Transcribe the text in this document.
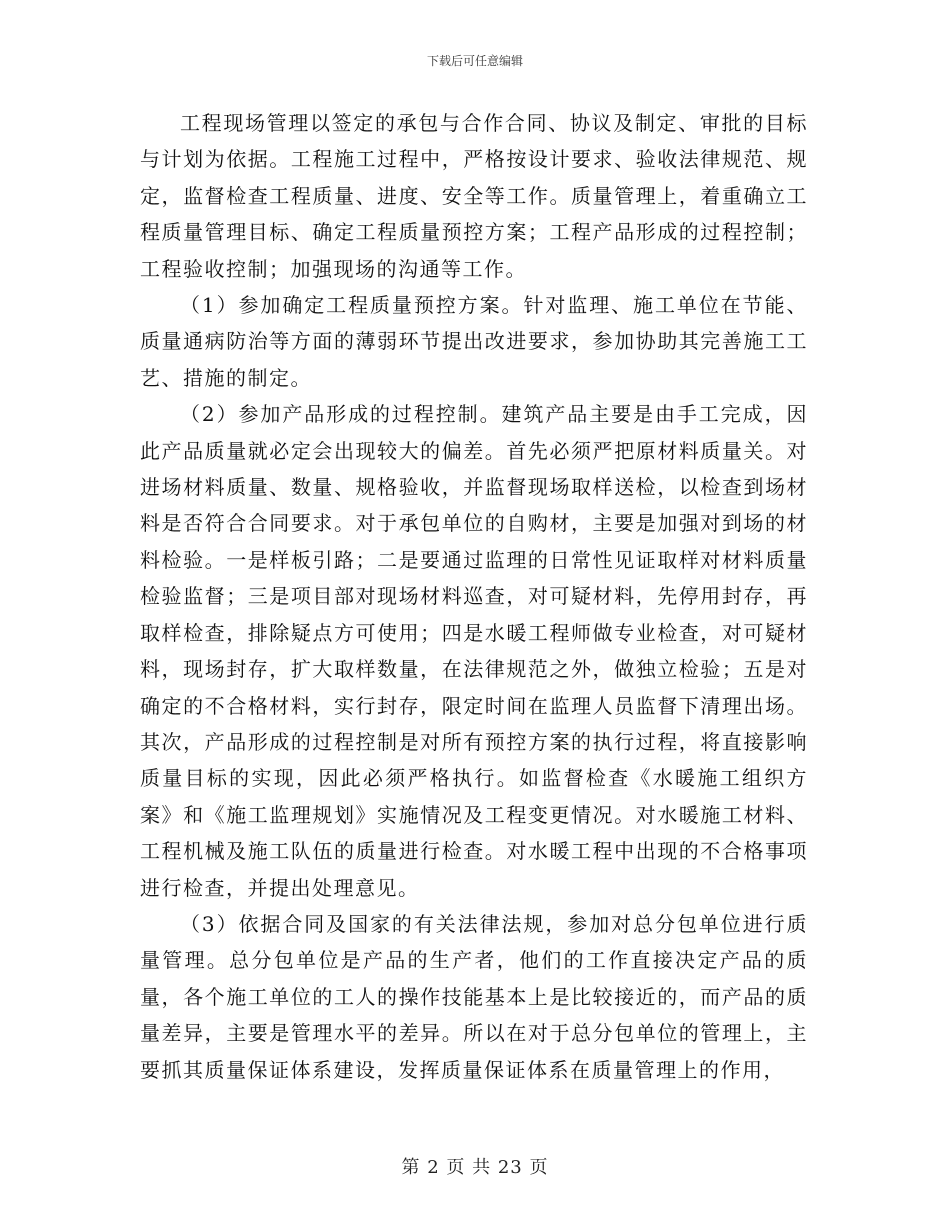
下载后可任意编辑

工程现场管理以签定的承包与合作合同、协议及制定、审批的目标与计划为依据。工程施工过程中，严格按设计要求、验收法律规范、规定，监督检查工程质量、进度、安全等工作。质量管理上，着重确立工程质量管理目标、确定工程质量预控方案；工程产品形成的过程控制；工程验收控制；加强现场的沟通等工作。

（1）参加确定工程质量预控方案。针对监理、施工单位在节能、质量通病防治等方面的薄弱环节提出改进要求，参加协助其完善施工工艺、措施的制定。

（2）参加产品形成的过程控制。建筑产品主要是由手工完成，因此产品质量就必定会出现较大的偏差。首先必须严把原材料质量关。对进场材料质量、数量、规格验收，并监督现场取样送检，以检查到场材料是否符合合同要求。对于承包单位的自购材，主要是加强对到场的材料检验。一是样板引路；二是要通过监理的日常性见证取样对材料质量检验监督；三是项目部对现场材料巡查，对可疑材料，先停用封存，再取样检查，排除疑点方可使用；四是水暖工程师做专业检查，对可疑材料，现场封存，扩大取样数量，在法律规范之外，做独立检验；五是对确定的不合格材料，实行封存，限定时间在监理人员监督下清理出场。其次，产品形成的过程控制是对所有预控方案的执行过程，将直接影响质量目标的实现，因此必须严格执行。如监督检查《水暖施工组织方案》和《施工监理规划》实施情况及工程变更情况。对水暖施工材料、工程机械及施工队伍的质量进行检查。对水暖工程中出现的不合格事项进行检查，并提出处理意见。

（3）依据合同及国家的有关法律法规，参加对总分包单位进行质量管理。总分包单位是产品的生产者，他们的工作直接决定产品的质量，各个施工单位的工人的操作技能基本上是比较接近的，而产品的质量差异，主要是管理水平的差异。所以在对于总分包单位的管理上，主要抓其质量保证体系建设，发挥质量保证体系在质量管理上的作用，

第 2 页 共 23 页
